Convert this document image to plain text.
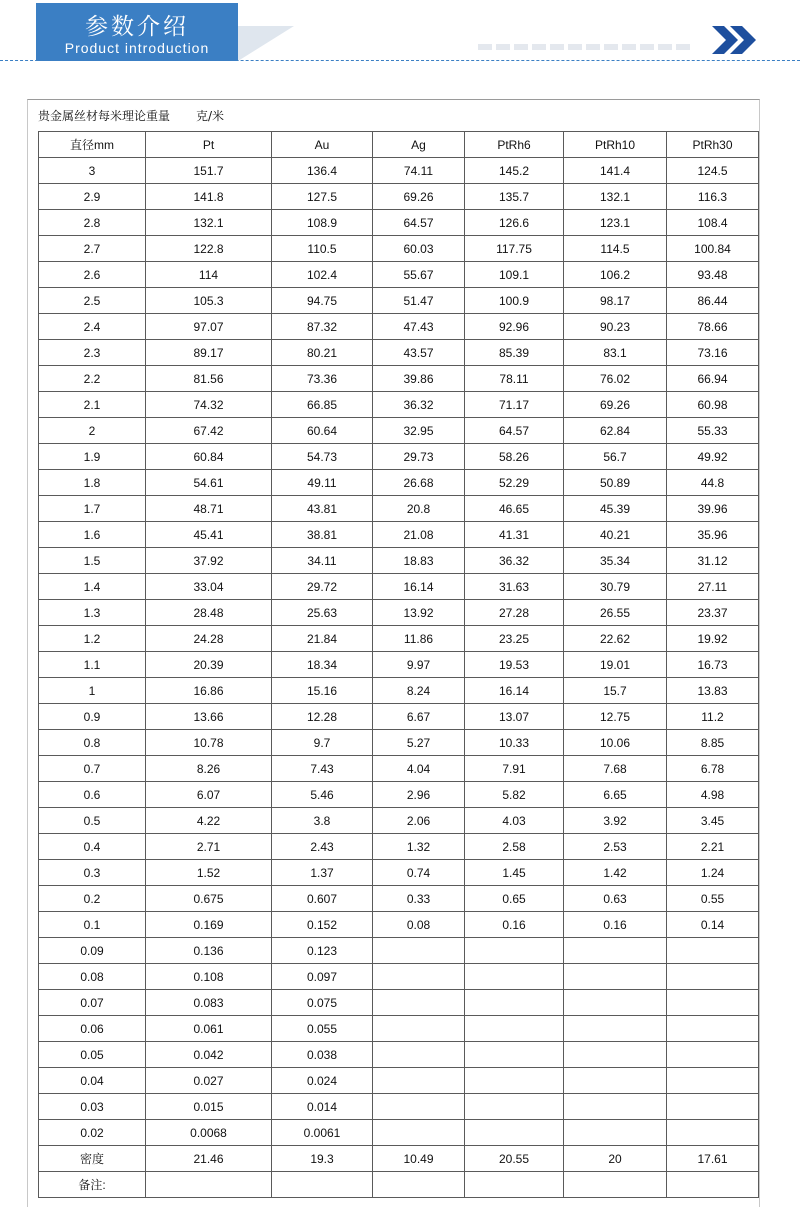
参数介绍
Product introduction
贵金属丝材每米理论重量 克/米
直径mm	Pt	Au	Ag	PtRh6	PtRh10	PtRh30
3	151.7	136.4	74.11	145.2	141.4	124.5
2.9	141.8	127.5	69.26	135.7	132.1	116.3
2.8	132.1	108.9	64.57	126.6	123.1	108.4
2.7	122.8	110.5	60.03	117.75	114.5	100.84
2.6	114	102.4	55.67	109.1	106.2	93.48
2.5	105.3	94.75	51.47	100.9	98.17	86.44
2.4	97.07	87.32	47.43	92.96	90.23	78.66
2.3	89.17	80.21	43.57	85.39	83.1	73.16
2.2	81.56	73.36	39.86	78.11	76.02	66.94
2.1	74.32	66.85	36.32	71.17	69.26	60.98
2	67.42	60.64	32.95	64.57	62.84	55.33
1.9	60.84	54.73	29.73	58.26	56.7	49.92
1.8	54.61	49.11	26.68	52.29	50.89	44.8
1.7	48.71	43.81	20.8	46.65	45.39	39.96
1.6	45.41	38.81	21.08	41.31	40.21	35.96
1.5	37.92	34.11	18.83	36.32	35.34	31.12
1.4	33.04	29.72	16.14	31.63	30.79	27.11
1.3	28.48	25.63	13.92	27.28	26.55	23.37
1.2	24.28	21.84	11.86	23.25	22.62	19.92
1.1	20.39	18.34	9.97	19.53	19.01	16.73
1	16.86	15.16	8.24	16.14	15.7	13.83
0.9	13.66	12.28	6.67	13.07	12.75	11.2
0.8	10.78	9.7	5.27	10.33	10.06	8.85
0.7	8.26	7.43	4.04	7.91	7.68	6.78
0.6	6.07	5.46	2.96	5.82	6.65	4.98
0.5	4.22	3.8	2.06	4.03	3.92	3.45
0.4	2.71	2.43	1.32	2.58	2.53	2.21
0.3	1.52	1.37	0.74	1.45	1.42	1.24
0.2	0.675	0.607	0.33	0.65	0.63	0.55
0.1	0.169	0.152	0.08	0.16	0.16	0.14
0.09	0.136	0.123				
0.08	0.108	0.097				
0.07	0.083	0.075				
0.06	0.061	0.055				
0.05	0.042	0.038				
0.04	0.027	0.024				
0.03	0.015	0.014				
0.02	0.0068	0.0061				
密度	21.46	19.3	10.49	20.55	20	17.61
备注:						
